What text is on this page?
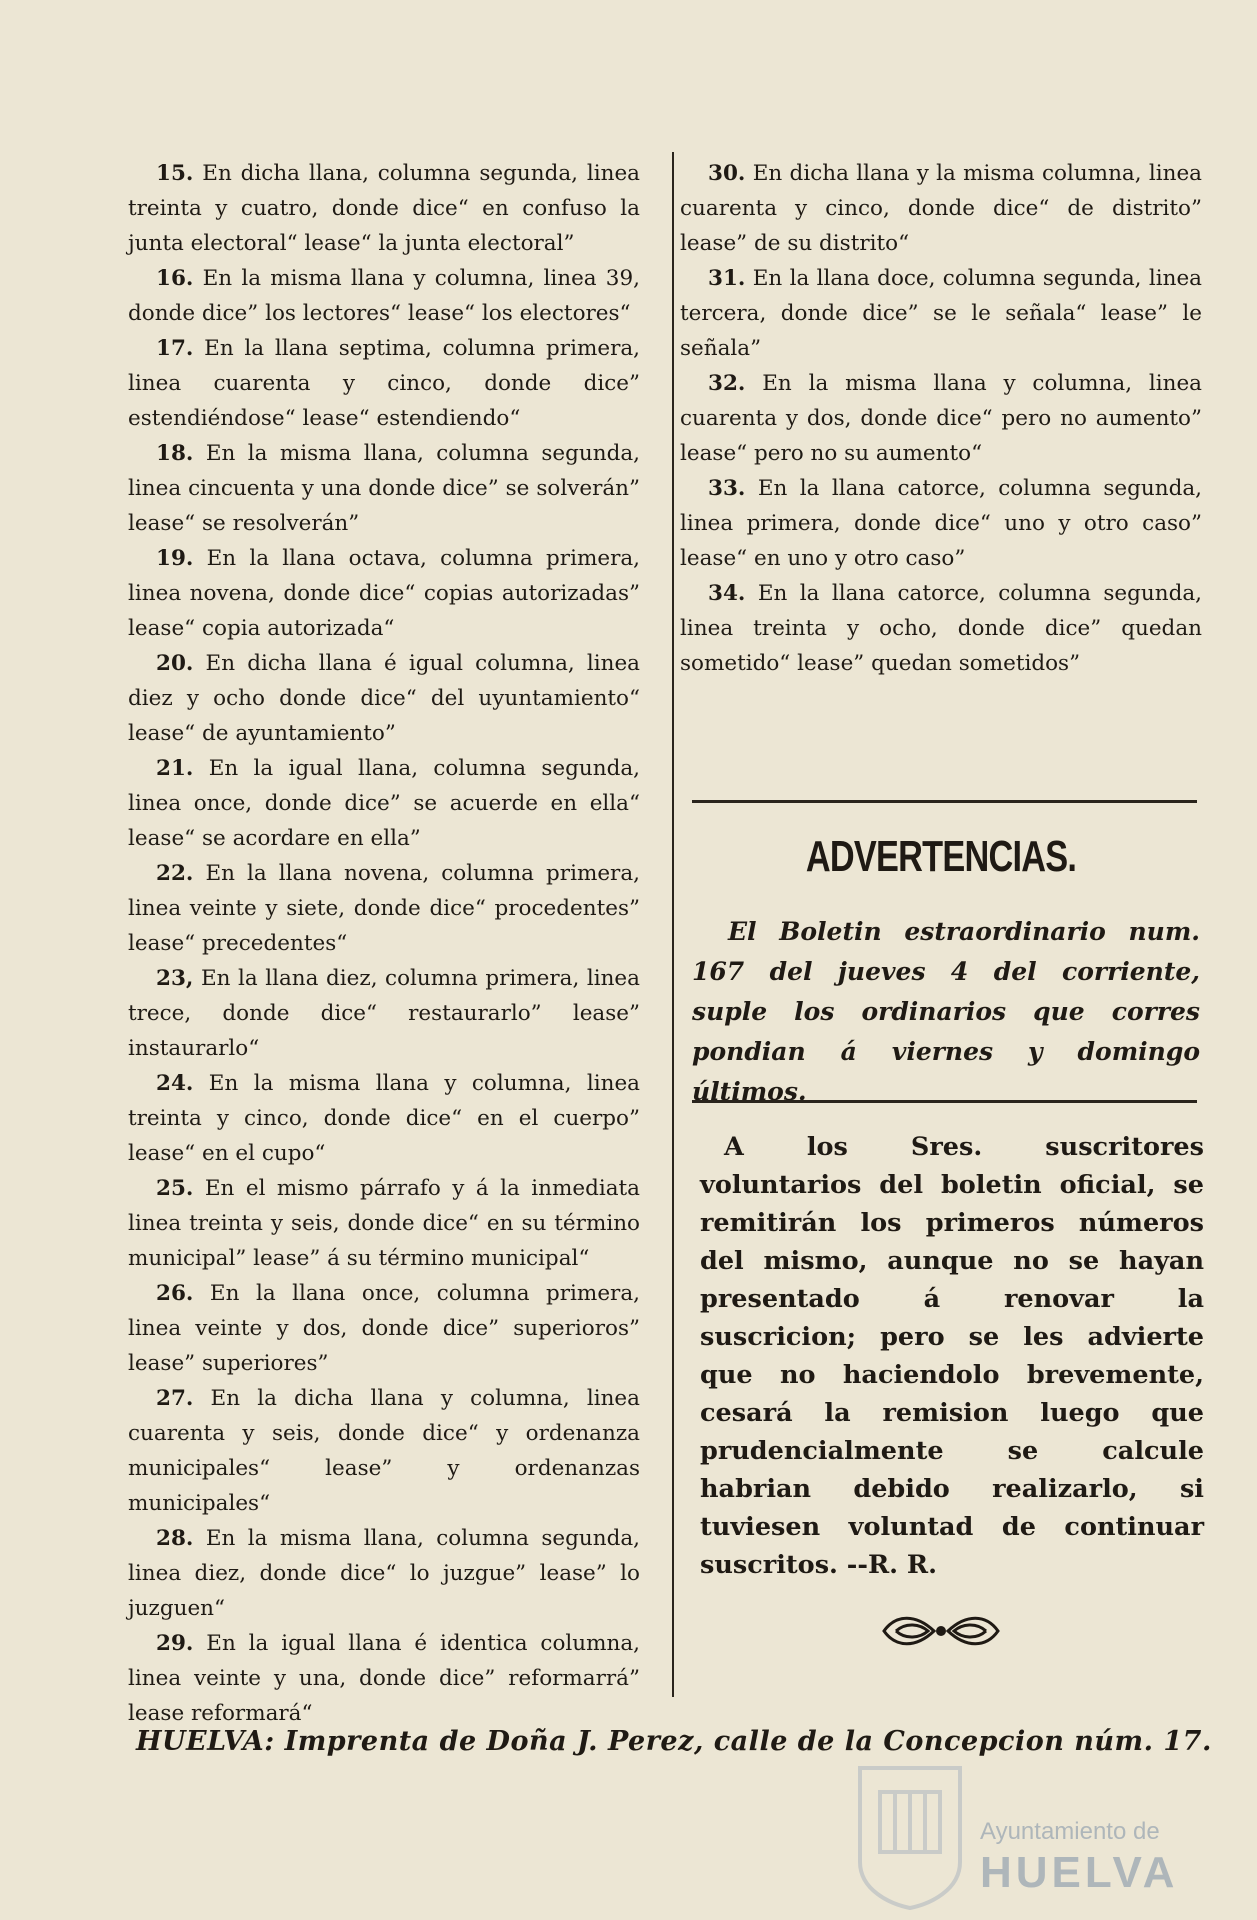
15. En dicha llana, columna segunda, linea treinta y cuatro, donde dice“ en confuso la junta electoral“ lease“ la junta electoral”

16. En la misma llana y columna, linea 39, donde dice” los lectores“ lease“ los electores“

17. En la llana septima, columna primera, linea cuarenta y cinco, donde dice” estendiéndose“ lease“ estendiendo“

18. En la misma llana, columna segunda, linea cincuenta y una donde dice” se solverán” lease“ se resolverán”

19. En la llana octava, columna primera, linea novena, donde dice“ copias autorizadas” lease“ copia autorizada“

20. En dicha llana é igual columna, linea diez y ocho donde dice“ del uyuntamiento“ lease“ de ayuntamiento”

21. En la igual llana, columna segunda, linea once, donde dice” se acuerde en ella“ lease“ se acordare en ella”

22. En la llana novena, columna primera, linea veinte y siete, donde dice“ procedentes” lease“ precedentes“

23, En la llana diez, columna primera, linea trece, donde dice“ restaurarlo” lease” instaurarlo“

24. En la misma llana y columna, linea treinta y cinco, donde dice“ en el cuerpo” lease“ en el cupo“

25. En el mismo párrafo y á la inmediata linea treinta y seis, donde dice“ en su término municipal” lease” á su término municipal“

26. En la llana once, columna primera, linea veinte y dos, donde dice” superioros” lease” superiores”

27. En la dicha llana y columna, linea cuarenta y seis, donde dice“ y ordenanza municipales“ lease” y ordenanzas municipales“

28. En la misma llana, columna segunda, linea diez, donde dice“ lo juzgue” lease” lo juzguen“

29. En la igual llana é identica columna, linea veinte y una, donde dice” reformarrá” lease reformará“

30. En dicha llana y la misma columna, linea cuarenta y cinco, donde dice“ de distrito” lease” de su distrito“

31. En la llana doce, columna segunda, linea tercera, donde dice” se le señala“ lease” le señala”

32. En la misma llana y columna, linea cuarenta y dos, donde dice“ pero no aumento” lease“ pero no su aumento“

33. En la llana catorce, columna segunda, linea primera, donde dice“ uno y otro caso” lease“ en uno y otro caso”

34. En la llana catorce, columna segunda, linea treinta y ocho, donde dice” quedan sometido“ lease” quedan sometidos”

ADVERTENCIAS.
El Boletin estraordinario num. 167 del jueves 4 del corriente, suple los ordinarios que corres pondian á viernes y domingo últimos.
A los Sres. suscritores voluntarios del boletin oficial, se remitirán los primeros números del mismo, aunque no se hayan presentado á renovar la suscricion; pero se les advierte que no haciendolo brevemente, cesará la remision luego que prudencialmente se calcule habrian debido realizarlo, si tuviesen voluntad de continuar suscritos. --R. R.
HUELVA: Imprenta de Doña J. Perez, calle de la Concepcion núm. 17.
Ayuntamiento de
HUELVA
